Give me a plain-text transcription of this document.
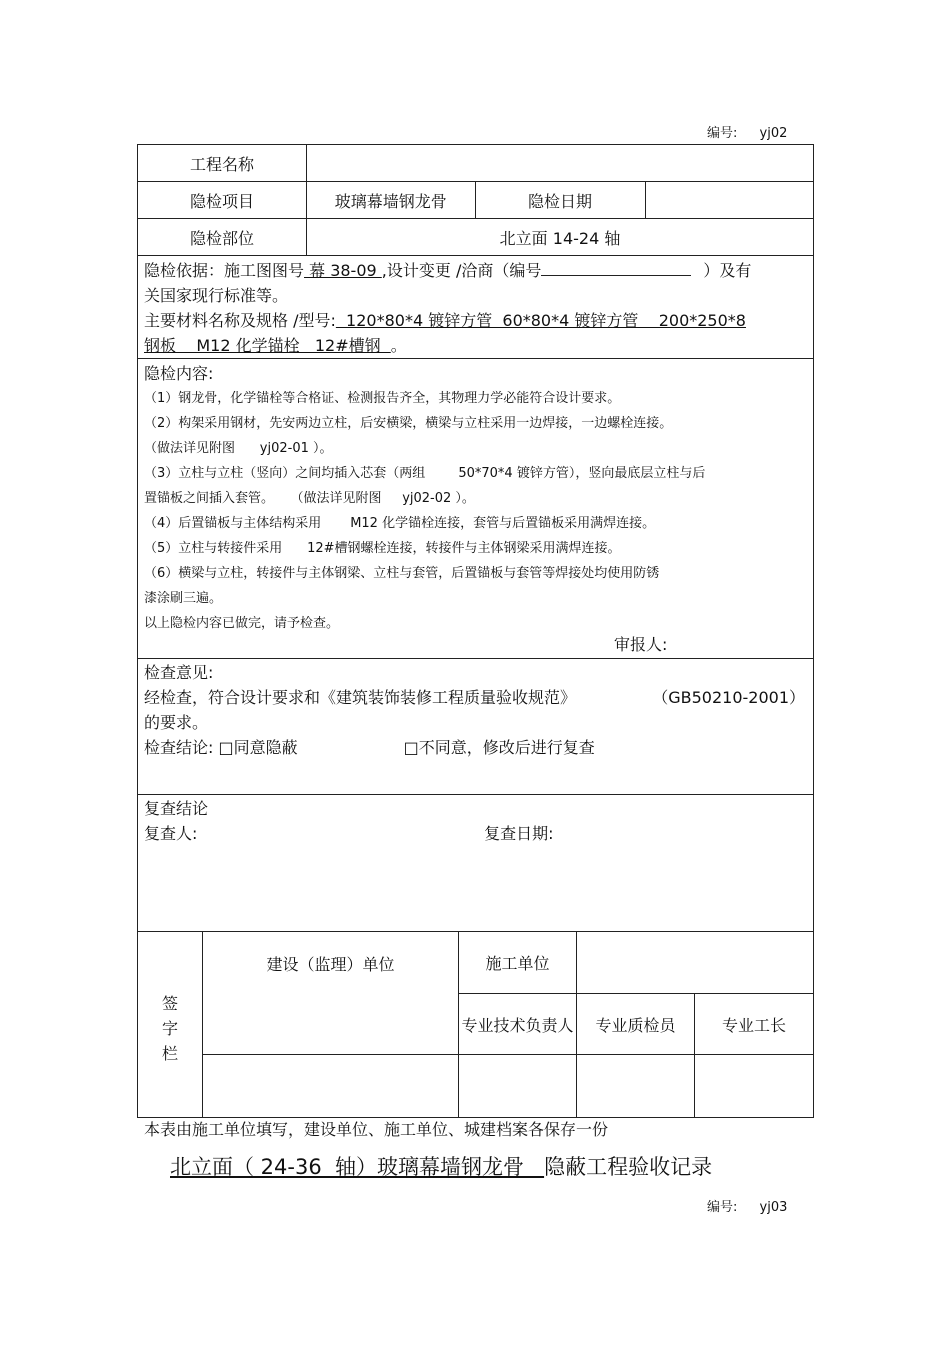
编号: yj02
工程名称	
隐检项目		玻璃幕墙钢龙骨	隐检日期	

隐检部位	北立面 14-24 轴

隐检依据：施工图图号 幕 38-09 ,设计变更 /洽商（编号	）及有
关国家现行标准等。
主要材料名称及规格 /型号:  120*80*4 镀锌方管  60*80*4 镀锌方管    200*250*8
钢板    M12 化学锚栓   12#槽钢  。

隐检内容:
（1）钢龙骨，化学锚栓等合格证、检测报告齐全，其物理力学必能符合设计要求。
（2）构架采用钢材，先安两边立柱，后安横梁，横梁与立柱采用一边焊接，一边螺栓连接。
（做法详见附图      yj02-01 ）。
（3）立柱与立柱（竖向）之间均插入芯套（两组        50*70*4 镀锌方管），竖向最底层立柱与后
置锚板之间插入套管。    （做法详见附图     yj02-02 ）。
（4）后置锚板与主体结构采用       M12 化学锚栓连接，套管与后置锚板采用满焊连接。
（5）立柱与转接件采用      12#槽钢螺栓连接，转接件与主体钢梁采用满焊连接。
（6）横梁与立柱，转接件与主体钢梁、立柱与套管，后置锚板与套管等焊接处均使用防锈
漆涂刷三遍。
以上隐检内容已做完，请予检查。
审报人:

检查意见:
经检查，符合设计要求和《建筑装饰装修工程质量验收规范》	（GB50210-2001）
的要求。
检查结论: □同意隐蔽	□不同意，修改后进行复查

复查结论
复查人:	复查日期:

签
字
栏
	建设（监理）单位	施工单位	
专业技术负责人	专业质检员	专业工长

本表由施工单位填写，建设单位、施工单位、城建档案各保存一份
北立面（ 24-36  轴）玻璃幕墙钢龙骨   隐蔽工程验收记录
编号: yj03
